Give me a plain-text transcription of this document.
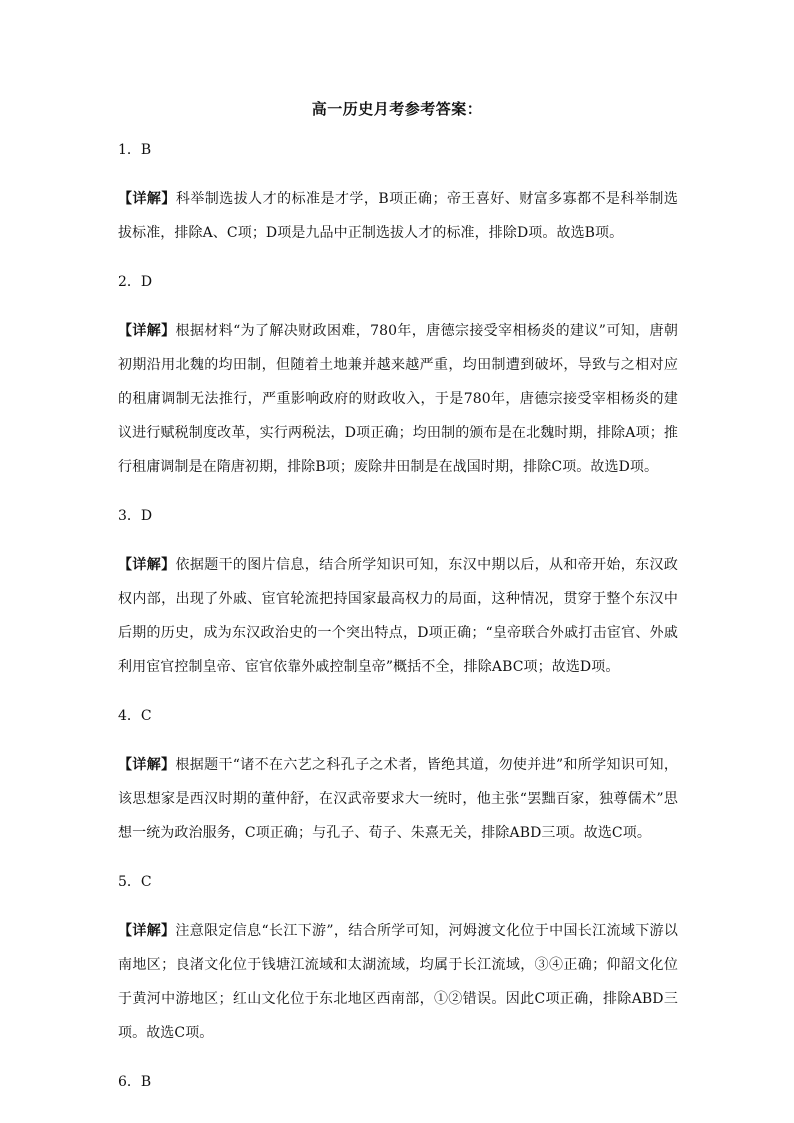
高一历史月考参考答案：
1．B
【详解】科举制选拔人才的标准是才学，B项正确；帝王喜好、财富多寡都不是科举制选拔标准，排除A、C项；D项是九品中正制选拔人才的标准，排除D项。故选B项。
2．D
【详解】根据材料“为了解决财政困难，780年，唐德宗接受宰相杨炎的建议”可知，唐朝初期沿用北魏的均田制，但随着土地兼并越来越严重，均田制遭到破坏，导致与之相对应的租庸调制无法推行，严重影响政府的财政收入，于是780年，唐德宗接受宰相杨炎的建议进行赋税制度改革，实行两税法，D项正确；均田制的颁布是在北魏时期，排除A项；推行租庸调制是在隋唐初期，排除B项；废除井田制是在战国时期，排除C项。故选D项。
3．D
【详解】依据题干的图片信息，结合所学知识可知，东汉中期以后，从和帝开始，东汉政权内部，出现了外戚、宦官轮流把持国家最高权力的局面，这种情况，贯穿于整个东汉中后期的历史，成为东汉政治史的一个突出特点，D项正确；“皇帝联合外戚打击宦官、外戚利用宦官控制皇帝、宦官依靠外戚控制皇帝”概括不全，排除ABC项；故选D项。
4．C
【详解】根据题干“诸不在六艺之科孔子之术者，皆绝其道，勿使并进”和所学知识可知，该思想家是西汉时期的董仲舒，在汉武帝要求大一统时，他主张“罢黜百家，独尊儒术”思想一统为政治服务，C项正确；与孔子、荀子、朱熹无关，排除ABD三项。故选C项。
5．C
【详解】注意限定信息“长江下游”，结合所学可知，河姆渡文化位于中国长江流域下游以南地区；良渚文化位于钱塘江流域和太湖流域，均属于长江流域，③④正确；仰韶文化位于黄河中游地区；红山文化位于东北地区西南部，①②错误。因此C项正确，排除ABD三项。故选C项。
6．B
